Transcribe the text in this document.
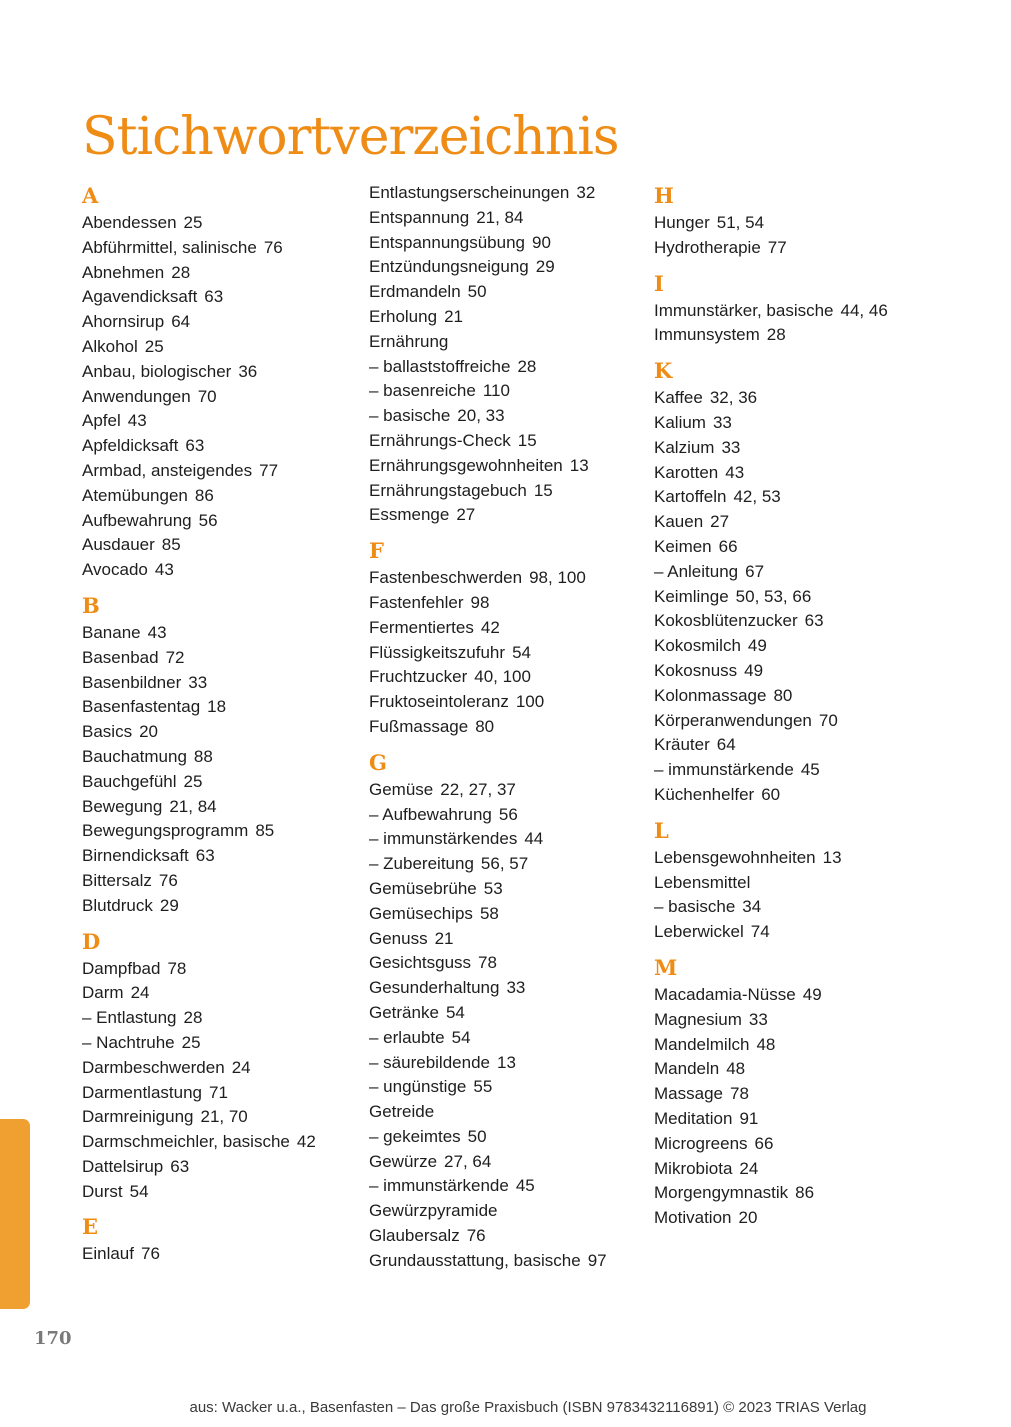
Stichwortverzeichnis
A
Abendessen 25
Abführmittel, salinische 76
Abnehmen 28
Agavendicksaft 63
Ahornsirup 64
Alkohol 25
Anbau, biologischer 36
Anwendungen 70
Apfel 43
Apfeldicksaft 63
Armbad, ansteigendes 77
Atemübungen 86
Aufbewahrung 56
Ausdauer 85
Avocado 43
B
Banane 43
Basenbad 72
Basenbildner 33
Basenfastentag 18
Basics 20
Bauchatmung 88
Bauchgefühl 25
Bewegung 21, 84
Bewegungsprogramm 85
Birnendicksaft 63
Bittersalz 76
Blutdruck 29
D
Dampfbad 78
Darm 24
– Entlastung 28
– Nachtruhe 25
Darmbeschwerden 24
Darmentlastung 71
Darmreinigung 21, 70
Darmschmeichler, basische 42
Dattelsirup 63
Durst 54
E
Einlauf 76
Entlastungserscheinungen 32
Entspannung 21, 84
Entspannungsübung 90
Entzündungsneigung 29
Erdmandeln 50
Erholung 21
Ernährung
– ballaststoffreiche 28
– basenreiche 110
– basische 20, 33
Ernährungs-Check 15
Ernährungsgewohnheiten 13
Ernährungstagebuch 15
Essmenge 27
F
Fastenbeschwerden 98, 100
Fastenfehler 98
Fermentiertes 42
Flüssigkeitszufuhr 54
Fruchtzucker 40, 100
Fruktoseintoleranz 100
Fußmassage 80
G
Gemüse 22, 27, 37
– Aufbewahrung 56
– immunstärkendes 44
– Zubereitung 56, 57
Gemüsebrühe 53
Gemüsechips 58
Genuss 21
Gesichtsguss 78
Gesunderhaltung 33
Getränke 54
– erlaubte 54
– säurebildende 13
– ungünstige 55
Getreide
– gekeimtes 50
Gewürze 27, 64
– immunstärkende 45
Gewürzpyramide
Glaubersalz 76
Grundausstattung, basische 97
H
Hunger 51, 54
Hydrotherapie 77
I
Immunstärker, basische 44, 46
Immunsystem 28
K
Kaffee 32, 36
Kalium 33
Kalzium 33
Karotten 43
Kartoffeln 42, 53
Kauen 27
Keimen 66
– Anleitung 67
Keimlinge 50, 53, 66
Kokosblütenzucker 63
Kokosmilch 49
Kokosnuss 49
Kolonmassage 80
Körperanwendungen 70
Kräuter 64
– immunstärkende 45
Küchenhelfer 60
L
Lebensgewohnheiten 13
Lebensmittel
– basische 34
Leberwickel 74
M
Macadamia-Nüsse 49
Magnesium 33
Mandelmilch 48
Mandeln 48
Massage 78
Meditation 91
Microgreens 66
Mikrobiota 24
Morgengymnastik 86
Motivation 20
170
aus: Wacker u.a., Basenfasten – Das große Praxisbuch (ISBN 9783432116891) © 2023 TRIAS Verlag
